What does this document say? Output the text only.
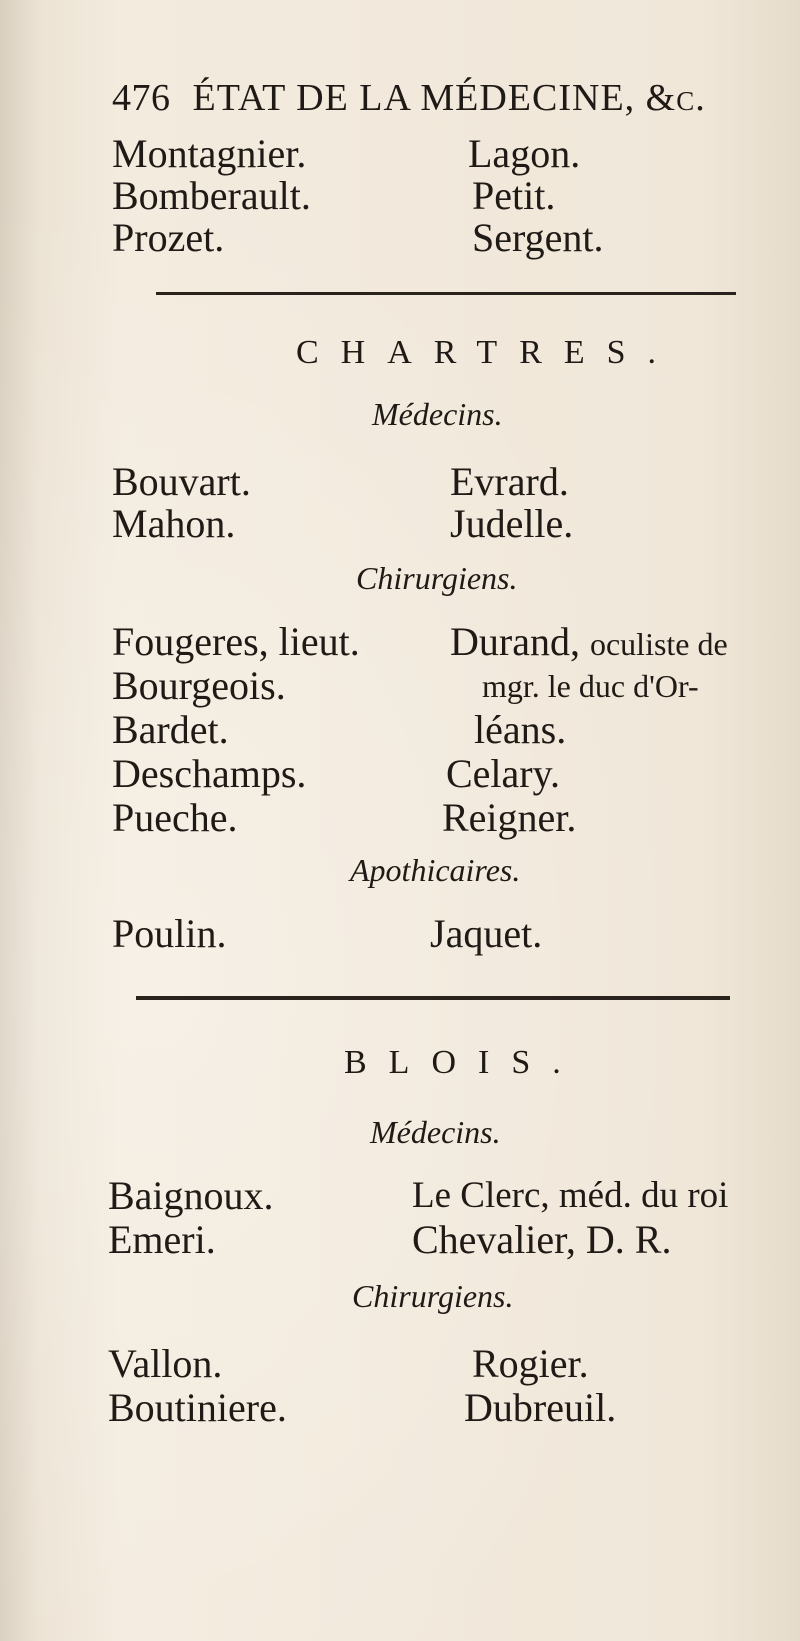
476 ÉTAT DE LA MÉDECINE, &c.
Montagnier.
Bomberault.
Prozet.
Lagon.
Petit.
Sergent.
CHARTRES.
Médecins.
Bouvart.
Mahon.
Evrard.
Judelle.
Chirurgiens.
Fougeres, lieut.
Bourgeois.
Bardet.
Deschamps.
Pueche.
Durand, oculiste de
mgr. le duc d'Or-
léans.
Celary.
Reigner.
Apothicaires.
Poulin.	Jaquet.
BLOIS.
Médecins.
Baignoux.
Emeri.
Le Clerc, méd. du roi
Chevalier, D. R.
Chirurgiens.
Vallon.
Boutiniere.
Rogier.
Dubreuil.
